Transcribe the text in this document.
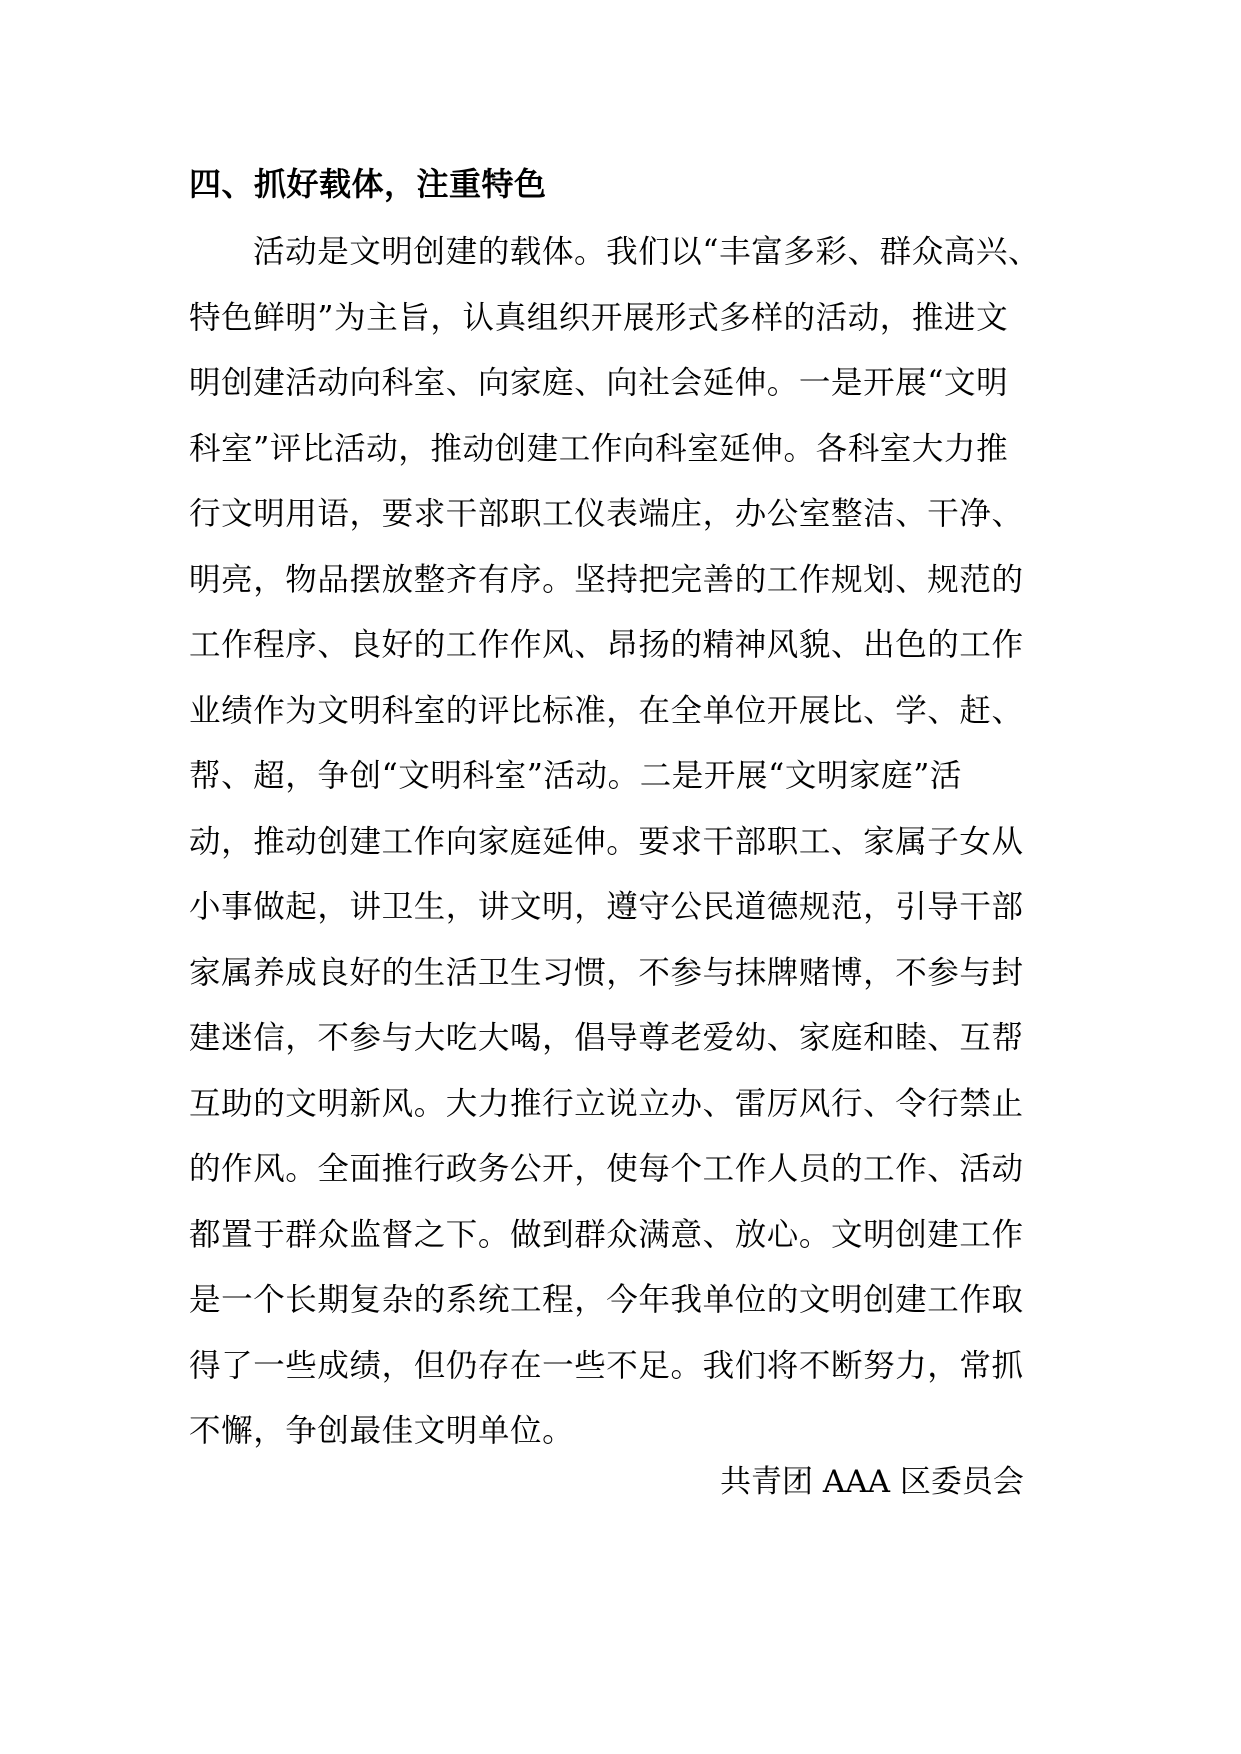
四、抓好载体，注重特色
活动是文明创建的载体。我们以“丰富多彩、群众高兴、
特色鲜明”为主旨，认真组织开展形式多样的活动，推进文
明创建活动向科室、向家庭、向社会延伸。一是开展“文明
科室”评比活动，推动创建工作向科室延伸。各科室大力推
行文明用语，要求干部职工仪表端庄，办公室整洁、干净、
明亮，物品摆放整齐有序。坚持把完善的工作规划、规范的
工作程序、良好的工作作风、昂扬的精神风貌、出色的工作
业绩作为文明科室的评比标准，在全单位开展比、学、赶、
帮、超，争创“文明科室”活动。二是开展“文明家庭”活
动，推动创建工作向家庭延伸。要求干部职工、家属子女从
小事做起，讲卫生，讲文明，遵守公民道德规范，引导干部
家属养成良好的生活卫生习惯，不参与抹牌赌博，不参与封
建迷信，不参与大吃大喝，倡导尊老爱幼、家庭和睦、互帮
互助的文明新风。大力推行立说立办、雷厉风行、令行禁止
的作风。全面推行政务公开，使每个工作人员的工作、活动
都置于群众监督之下。做到群众满意、放心。文明创建工作
是一个长期复杂的系统工程，今年我单位的文明创建工作取
得了一些成绩，但仍存在一些不足。我们将不断努力，常抓
不懈，争创最佳文明单位。

共青团 AAA 区委员会
